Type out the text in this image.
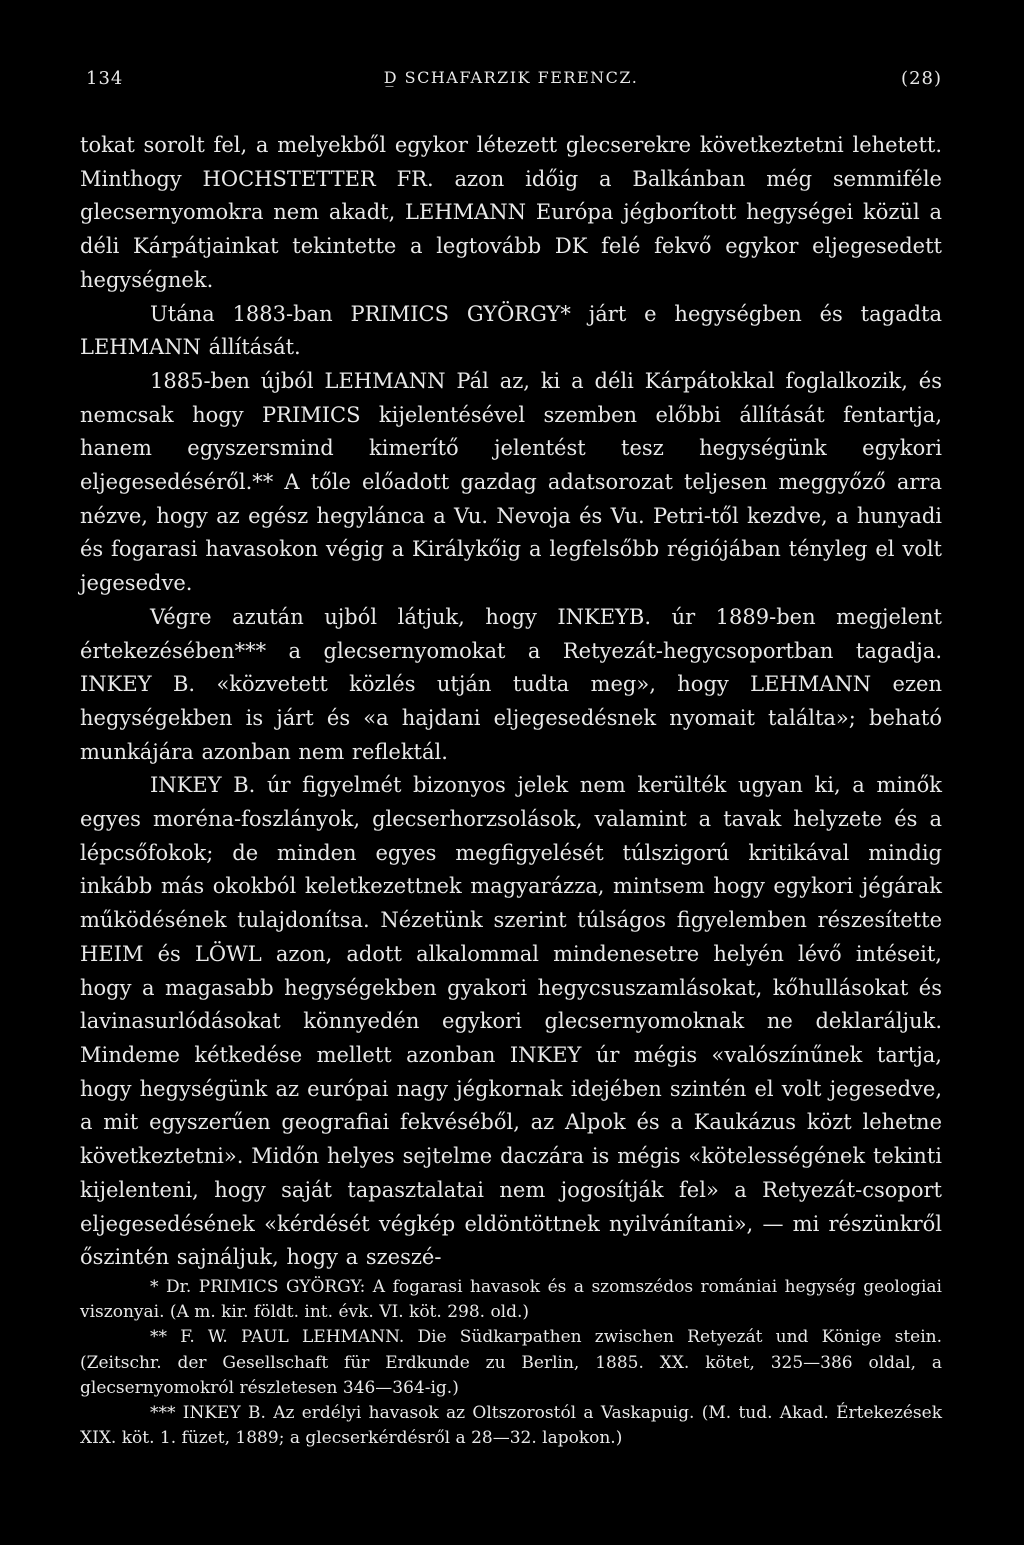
134	D̲ SCHAFARZIK FERENCZ.	(28)

tokat sorolt fel, a melyekből egykor létezett glecserekre következtetni lehetett. Minthogy HOCHSTETTER FR. azon időig a Balkánban még semmiféle glecsernyomokra nem akadt, LEHMANN Európa jégborított hegységei közül a déli Kárpátjainkat tekintette a legtovább DK felé fekvő egykor eljegesedett hegységnek.

Utána 1883-ban PRIMICS GYÖRGY* járt e hegységben és tagadta LEHMANN állítását.

1885-ben újból LEHMANN Pál az, ki a déli Kárpátokkal foglalkozik, és nemcsak hogy PRIMICS kijelentésével szemben előbbi állítását fentartja, hanem egyszersmind kimerítő jelentést tesz hegységünk egykori eljegesedéséről.** A tőle előadott gazdag adatsorozat teljesen meggyőző arra nézve, hogy az egész hegylánca a Vu. Nevoja és Vu. Petri-től kezdve, a hunyadi és fogarasi havasokon végig a Királykőig a legfelsőbb régiójában tényleg el volt jegesedve.

Végre azután ujból látjuk, hogy INKEYB. úr 1889-ben megjelent értekezésében*** a glecsernyomokat a Retyezát-hegycsoportban tagadja. INKEY B. «közvetett közlés utján tudta meg», hogy LEHMANN ezen hegységekben is járt és «a hajdani eljegesedésnek nyomait találta»; beható munkájára azonban nem reflektál.

INKEY B. úr figyelmét bizonyos jelek nem kerülték ugyan ki, a minők egyes moréna-foszlányok, glecserhorzsolások, valamint a tavak helyzete és a lépcsőfokok; de minden egyes megfigyelését túlszigorú kritikával mindig inkább más okokból keletkezettnek magyarázza, mintsem hogy egykori jégárak működésének tulajdonítsa. Nézetünk szerint túlságos figyelemben részesítette HEIM és LÖWL azon, adott alkalommal mindenesetre helyén lévő intéseit, hogy a magasabb hegységekben gyakori hegycsuszamlásokat, kőhullásokat és lavinasurlódásokat könnyedén egykori glecsernyomoknak ne deklaráljuk. Mindeme kétkedése mellett azonban INKEY úr mégis «valószínűnek tartja, hogy hegységünk az európai nagy jégkornak idejében szintén el volt jegesedve, a mit egyszerűen geografiai fekvéséből, az Alpok és a Kaukázus közt lehetne következtetni». Midőn helyes sejtelme daczára is mégis «kötelességének tekinti kijelenteni, hogy saját tapasztalatai nem jogosítják fel» a Retyezát-csoport eljegesedésének «kérdését végkép eldöntöttnek nyilvánítani», — mi részünkről őszintén sajnáljuk, hogy a szeszé-

* Dr. PRIMICS GYÖRGY: A fogarasi havasok és a szomszédos romániai hegység geologiai viszonyai. (A m. kir. földt. int. évk. VI. köt. 298. old.)

** F. W. PAUL LEHMANN. Die Südkarpathen zwischen Retyezát und Könige stein. (Zeitschr. der Gesellschaft für Erdkunde zu Berlin, 1885. XX. kötet, 325—386 oldal, a glecsernyomokról részletesen 346—364-ig.)

*** INKEY B. Az erdélyi havasok az Oltszorostól a Vaskapuig. (M. tud. Akad. Értekezések XIX. köt. 1. füzet, 1889; a glecserkérdésről a 28—32. lapokon.)
